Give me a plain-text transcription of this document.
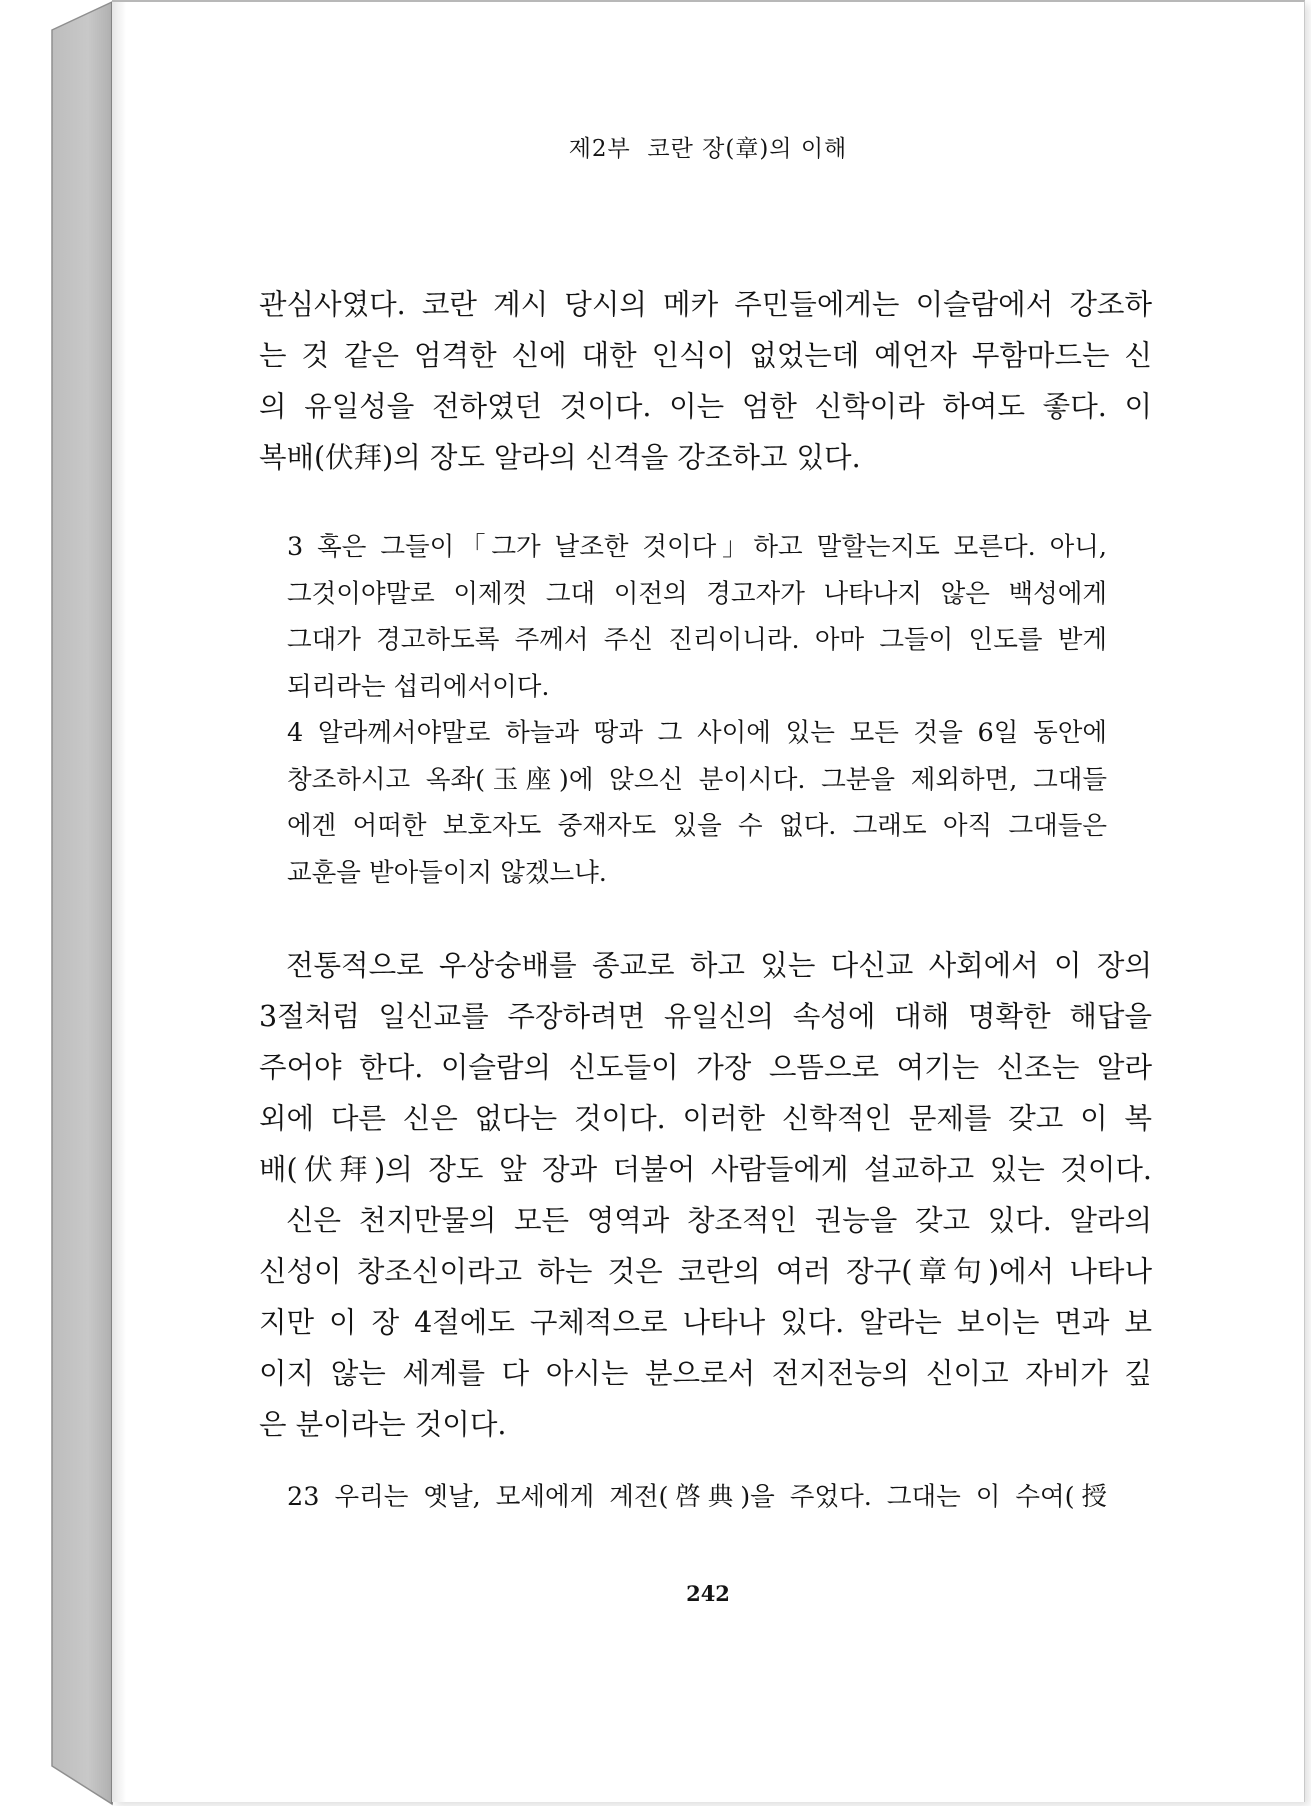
제2부  코란 장(章)의 이해
관심사였다. 코란 계시 당시의 메카 주민들에게는 이슬람에서 강조하
는 것 같은 엄격한 신에 대한 인식이 없었는데 예언자 무함마드는 신
의 유일성을 전하였던 것이다. 이는 엄한 신학이라 하여도 좋다. 이
복배(伏拜)의 장도 알라의 신격을 강조하고 있다.
3 혹은 그들이「그가 날조한 것이다」하고 말할는지도 모른다. 아니,
그것이야말로 이제껏 그대 이전의 경고자가 나타나지 않은 백성에게
그대가 경고하도록 주께서 주신 진리이니라. 아마 그들이 인도를 받게
되리라는 섭리에서이다.
4 알라께서야말로 하늘과 땅과 그 사이에 있는 모든 것을 6일 동안에
창조하시고 옥좌(玉座)에 앉으신 분이시다. 그분을 제외하면, 그대들
에겐 어떠한 보호자도 중재자도 있을 수 없다. 그래도 아직 그대들은
교훈을 받아들이지 않겠느냐.
전통적으로 우상숭배를 종교로 하고 있는 다신교 사회에서 이 장의
3절처럼 일신교를 주장하려면 유일신의 속성에 대해 명확한 해답을
주어야 한다. 이슬람의 신도들이 가장 으뜸으로 여기는 신조는 알라
외에 다른 신은 없다는 것이다. 이러한 신학적인 문제를 갖고 이 복
배(伏拜)의 장도 앞 장과 더불어 사람들에게 설교하고 있는 것이다.
신은 천지만물의 모든 영역과 창조적인 권능을 갖고 있다. 알라의
신성이 창조신이라고 하는 것은 코란의 여러 장구(章句)에서 나타나
지만 이 장 4절에도 구체적으로 나타나 있다. 알라는 보이는 면과 보
이지 않는 세계를 다 아시는 분으로서 전지전능의 신이고 자비가 깊
은 분이라는 것이다.
23 우리는 옛날, 모세에게 계전(啓典)을 주었다. 그대는 이 수여(授
242
